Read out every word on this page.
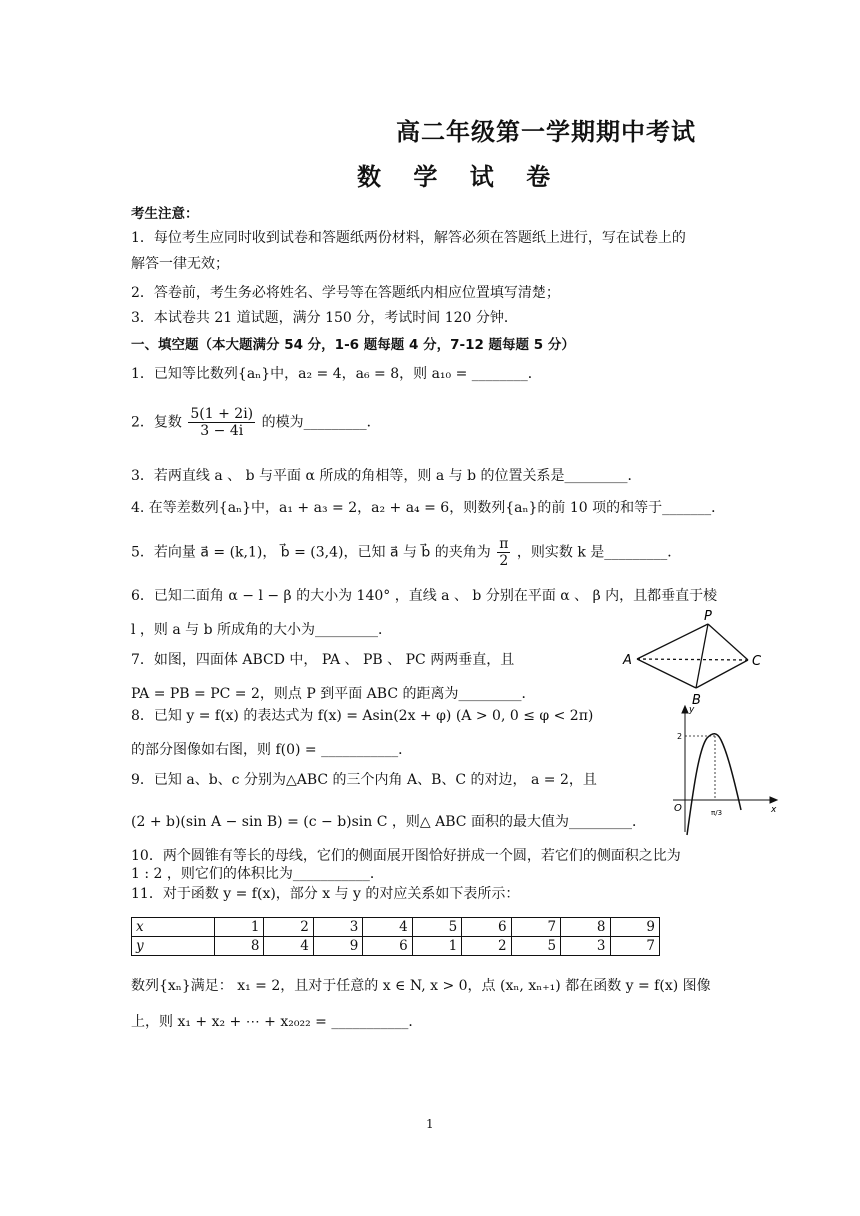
高二年级第一学期期中考试
数 学 试 卷
考生注意：
1．每位考生应同时收到试卷和答题纸两份材料，解答必须在答题纸上进行，写在试卷上的
解答一律无效；
2．答卷前，考生务必将姓名、学号等在答题纸内相应位置填写清楚；
3．本试卷共 21 道试题，满分 150 分，考试时间 120 分钟．
一、填空题（本大题满分 54 分，1-6 题每题 4 分，7-12 题每题 5 分）
1．已知等比数列{aₙ}中，a₂ = 4，a₆ = 8，则 a₁₀ = ________．
2．复数 $\frac{5(1 + 2i)}{3 - 4i}$ 的模为_________．
3．若两直线 a 、 b 与平面 α 所成的角相等，则 a 与 b 的位置关系是_________．
4. 在等差数列{aₙ}中，a₁ + a₃ = 2，a₂ + a₄ = 6，则数列{aₙ}的前 10 项的和等于_______．
5．若向量 a⃗ = (k,1)， b⃗ = (3,4)，已知 a⃗ 与 b⃗ 的夹角为 $\frac{\pi}{2}$ ，则实数 k 是_________．
6．已知二面角 α − l − β 的大小为 140° ，直线 a 、 b 分别在平面 α 、 β 内，且都垂直于棱
l ，则 a 与 b 所成角的大小为_________．
7．如图，四面体 ABCD 中， PA 、 PB 、 PC 两两垂直，且
PA = PB = PC = 2，则点 P 到平面 ABC 的距离为_________．
8．已知 y = f(x) 的表达式为 f(x) = Asin(2x + φ) (A > 0, 0 ≤ φ < 2π)
的部分图像如右图，则 f(0) = ___________．
9．已知 a、b、c 分别为△ABC 的三个内角 A、B、C 的对边， a = 2，且
(2 + b)(sin A − sin B) = (c − b)sin C ，则△ ABC 面积的最大值为_________．
10．两个圆锥有等长的母线，它们的侧面展开图恰好拼成一个圆，若它们的侧面积之比为
1 : 2 ，则它们的体积比为___________．
11．对于函数 y = f(x)，部分 x 与 y 的对应关系如下表所示：
x	1	2	3	4	5	6	7	8	9
y	8	4	9	6	1	2	5	3	7
数列{xₙ}满足： x₁ = 2，且对于任意的 x ∈ N, x > 0，点 (xₙ, xₙ₊₁) 都在函数 y = f(x) 图像
上，则 x₁ + x₂ + ⋯ + x₂₀₂₂ = ___________．
P
A	C
B
y
x
O
2
π/3
1
